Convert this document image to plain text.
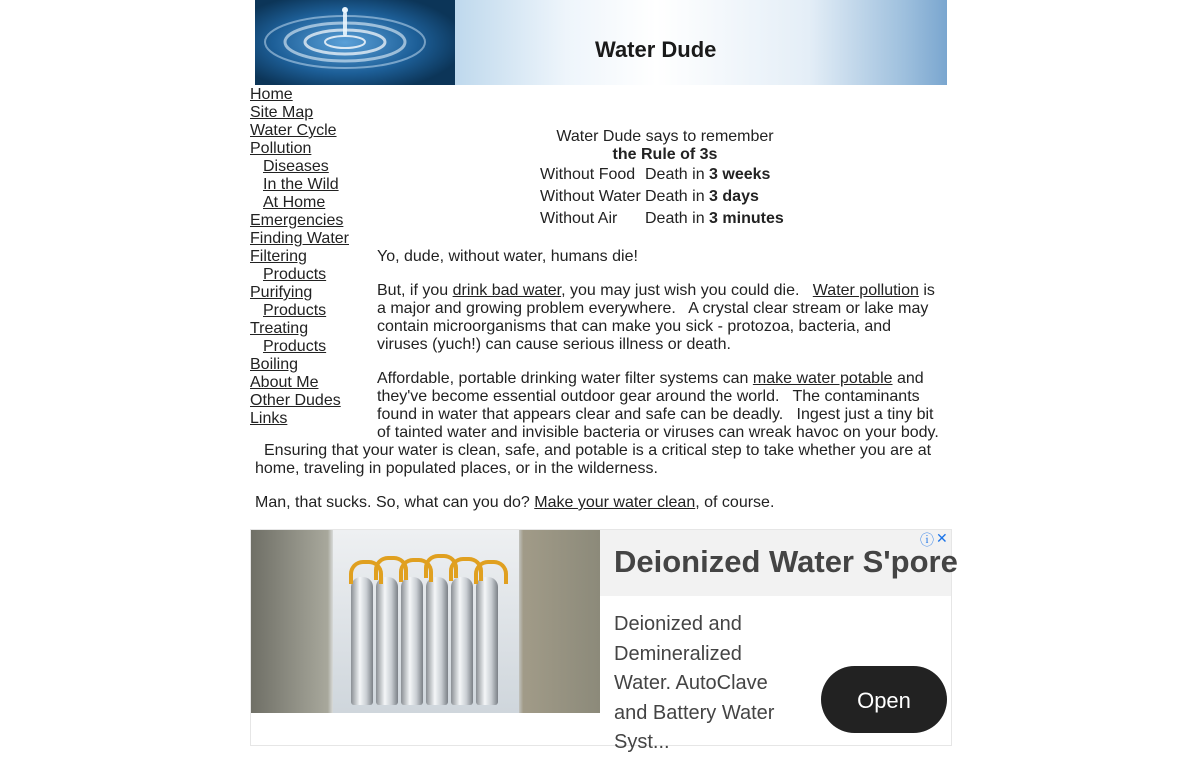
Water Dude
Home
Site Map
Water Cycle
Pollution
Diseases
In the Wild
At Home
Emergencies
Finding Water
Filtering
Products
Purifying
Products
Treating
Products
Boiling
About Me
Other Dudes
Links
Water Dude says to remember
the Rule of 3s
Without Food Death in
3 weeks
Without Water Death in
3 days
Without Air	Death in
3 minutes

Yo, dude, without water, humans die!

But, if you drink bad water, you may just wish you could die.   Water pollution is a major and growing problem everywhere.   A crystal clear stream or lake may contain microorganisms that can make you sick - protozoa, bacteria, and viruses (yuch!) can cause serious illness or death.

Affordable, portable drinking water filter systems can make water potable and they've become essential outdoor gear around the world.   The contaminants found in water that appears clear and safe can be deadly.   Ingest just a tiny bit of tainted water and invisible bacteria or viruses can wreak havoc on your body.

Ensuring that your water is clean, safe, and potable is a critical step to take whether you are at home, traveling in populated places, or in the wilderness.
Man, that sucks. So, what can you do? Make your water clean, of course.
Deionized Water S'pore
Deionized and Demineralized Water. AutoClave and Battery Water Syst...
Open
ⓘ ✕
